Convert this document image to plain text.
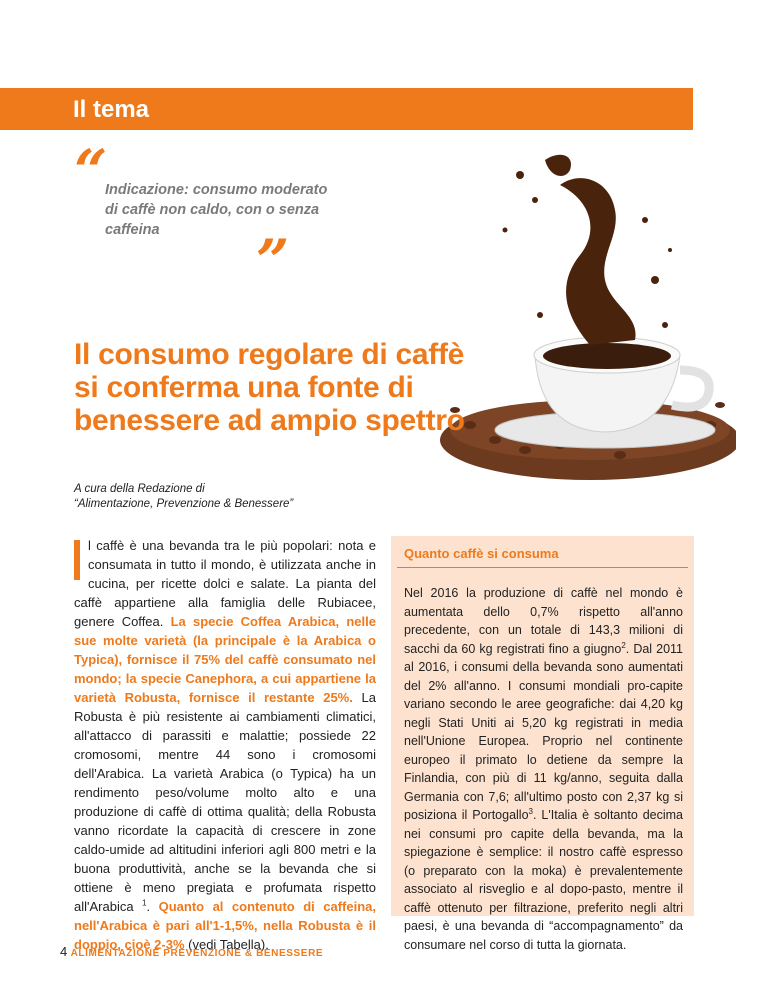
Il tema
“
Indicazione: consumo moderato di caffè non caldo, con o senza caffeina	”
Il consumo regolare di caffè si conferma una fonte di benessere ad ampio spettro
A cura della Redazione di
“Alimentazione, Prevenzione & Benessere”
l caffè è una bevanda tra le più popolari: nota e consumata in tutto il mondo, è utilizzata anche in cucina, per ricette dolci e salate. La pianta del caffè appartiene alla famiglia delle Rubiacee, genere Coffea. La specie Coffea Arabica, nelle sue molte varietà (la principale è la Arabica o Typica), fornisce il 75% del caffè consumato nel mondo; la specie Canephora, a cui appartiene la varietà Robusta, fornisce il restante 25%. La Robusta è più resistente ai cambiamenti climatici, all'attacco di parassiti e malattie; possiede 22 cromosomi, mentre 44 sono i cromosomi dell'Arabica. La varietà Arabica (o Typica) ha un rendimento peso/volume molto alto e una produzione di caffè di ottima qualità; della Robusta vanno ricordate la capacità di crescere in zone caldo-umide ad altitudini inferiori agli 800 metri e la buona produttività, anche se la bevanda che si ottiene è meno pregiata e profumata rispetto all'Arabica $^1$. Quanto al contenuto di caffeina, nell'Arabica è pari all'1-1,5%, nella Robusta è il doppio, cioè 2-3% (vedi Tabella).
Quanto caffè si consuma
Nel 2016 la produzione di caffè nel mondo è aumentata dello 0,7% rispetto all'anno precedente, con un totale di 143,3 milioni di sacchi da 60 kg registrati fino a giugno$^2$. Dal 2011 al 2016, i consumi della bevanda sono aumentati del 2% all'anno. I consumi mondiali pro-capite variano secondo le aree geografiche: dai 4,20 kg negli Stati Uniti ai 5,20 kg registrati in media nell'Unione Europea. Proprio nel continente europeo il primato lo detiene da sempre la Finlandia, con più di 11 kg/anno, seguita dalla Germania con 7,6; all'ultimo posto con 2,37 kg si posiziona il Portogallo$^3$. L'Italia è soltanto decima nei consumi pro capite della bevanda, ma la spiegazione è semplice: il nostro caffè espresso (o preparato con la moka) è prevalentemente associato al risveglio e al dopo-pasto, mentre il caffè ottenuto per filtrazione, preferito negli altri paesi, è una bevanda di “accompagnamento” da consumare nel corso di tutta la giornata.
4 ALIMENTAZIONE PREVENZIONE & BENESSERE
